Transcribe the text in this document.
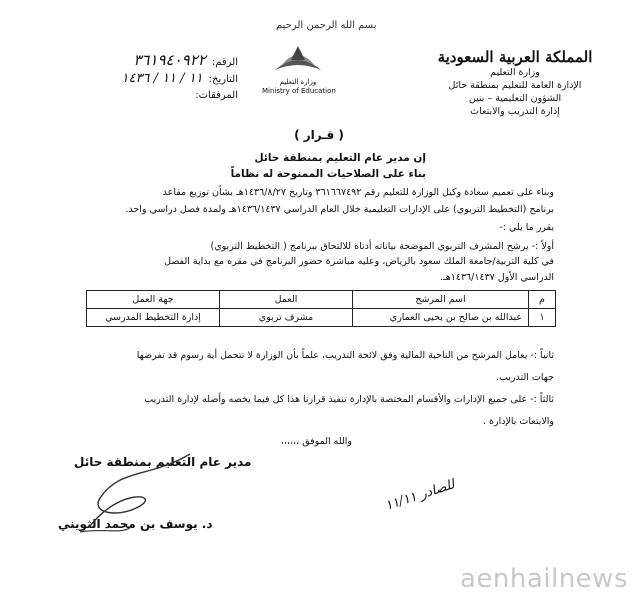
بسم الله الرحمن الرحيم
المملكة العربية السعودية
وزارة التعليم
الإدارة العامة للتعليم بمنطقة حائل
الشؤون التعليمية – بنين
إدارة التدريب والابتعاث
وزارة التعليم
Ministry of Education
الرقم:
٣٦١٩٤٠٩٢٢
التاريخ:
١١ / ١١ / ١٤٣٦
المرفقات:
( قـرار )
إن مدير عام التعليم بمنطقة حائل
بناء على الصلاحيات الممنوحة له نظاماً
وبناء على تعميم سعادة وكيل الوزارة للتعليم رقم ٣٦١٦٦٧٤٩٢ وتاريخ ١٤٣٦/٨/٢٧هـ بشأن توزيع مقاعد
برنامج (التخطيط التربوي) على الإدارات التعليمية خلال العام الدراسي ١٤٣٦/١٤٣٧هـ ولمدة فصل دراسي واحد.
يقرر ما يلي :-
أولاً :- يرشح المشرف التربوي الموضحة بياناته أدناه للالتحاق ببرنامج ( التخطيط التربوي)
م	اسم المرشح	العمل	جهة العمل
١	عبدالله بن صالح بن يحيى العماري	مشرف تربوي	إدارة التخطيط المدرسي
في كلية التربية/جامعة الملك سعود بالرياض، وعليه مباشرة حضور البرنامج في مقره مع بداية الفصل
الدراسي الأول ١٤٣٦/١٤٣٧هـ.
ثانياً :- يعامل المرشح من الناحية المالية وفق لائحة التدريب، علماً بأن الوزارة لا تتحمل أية رسوم قد تفرضها
جهات التدريب.
ثالثاً :- على جميع الإدارات والأقسام المختصة بالإدارة تنفيذ قرارنا هذا كل فيما يخصه وأصله لإدارة التدريب
والابتعاث بالإدارة .
والله الموفق ،،،،،،
مدير عام التعليم بمنطقة حائل
د. يوسف بن محمد الثويني
للصادر ١١/١١
aenhailnews
